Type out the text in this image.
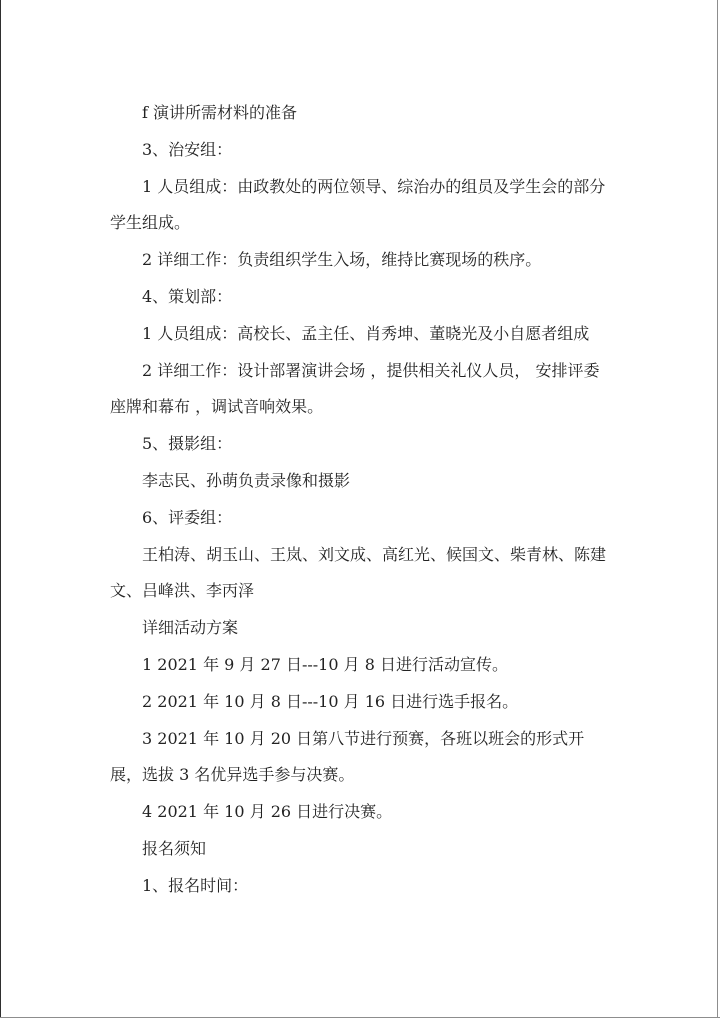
f 演讲所需材料的准备

3、治安组：

1 人员组成：由政教处的两位领导、综治办的组员及学生会的部分学生组成。

2 详细工作：负责组织学生入场，维持比赛现场的秩序。

4、策划部：

1 人员组成：高校长、孟主任、肖秀坤、董晓光及小自愿者组成

2 详细工作：设计部署演讲会场 ，提供相关礼仪人员， 安排评委座牌和幕布 ，调试音响效果。

5、摄影组：

李志民、孙萌负责录像和摄影

6、评委组：

王柏涛、胡玉山、王岚、刘文成、高红光、候国文、柴青林、陈建文、吕峰洪、李丙泽

详细活动方案

1 2021 年 9 月 27 日---10 月 8 日进行活动宣传。

2 2021 年 10 月 8 日---10 月 16 日进行选手报名。

3 2021 年 10 月 20 日第八节进行预赛，各班以班会的形式开展，选拔 3 名优异选手参与决赛。

4 2021 年 10 月 26 日进行决赛。

报名须知

1、报名时间：
